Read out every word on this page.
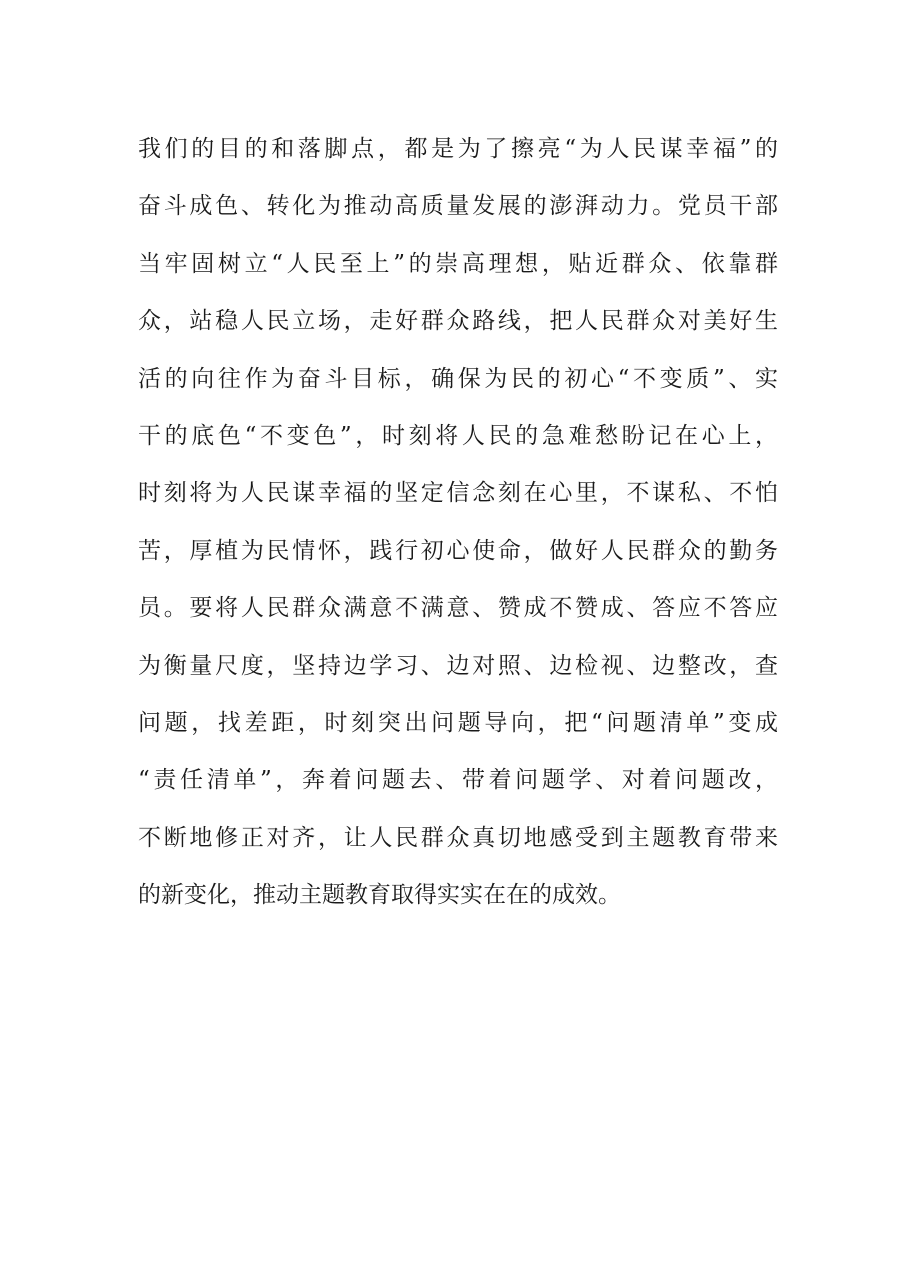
我们的目的和落脚点，都是为了擦亮“为人民谋幸福”的
奋斗成色、转化为推动高质量发展的澎湃动力。党员干部
当牢固树立“人民至上”的崇高理想，贴近群众、依靠群
众，站稳人民立场，走好群众路线，把人民群众对美好生
活的向往作为奋斗目标，确保为民的初心“不变质”、实
干的底色“不变色”，时刻将人民的急难愁盼记在心上，
时刻将为人民谋幸福的坚定信念刻在心里，不谋私、不怕
苦，厚植为民情怀，践行初心使命，做好人民群众的勤务
员。要将人民群众满意不满意、赞成不赞成、答应不答应
为衡量尺度，坚持边学习、边对照、边检视、边整改，查
问题，找差距，时刻突出问题导向，把“问题清单”变成
“责任清单”，奔着问题去、带着问题学、对着问题改，
不断地修正对齐，让人民群众真切地感受到主题教育带来
的新变化，推动主题教育取得实实在在的成效。
